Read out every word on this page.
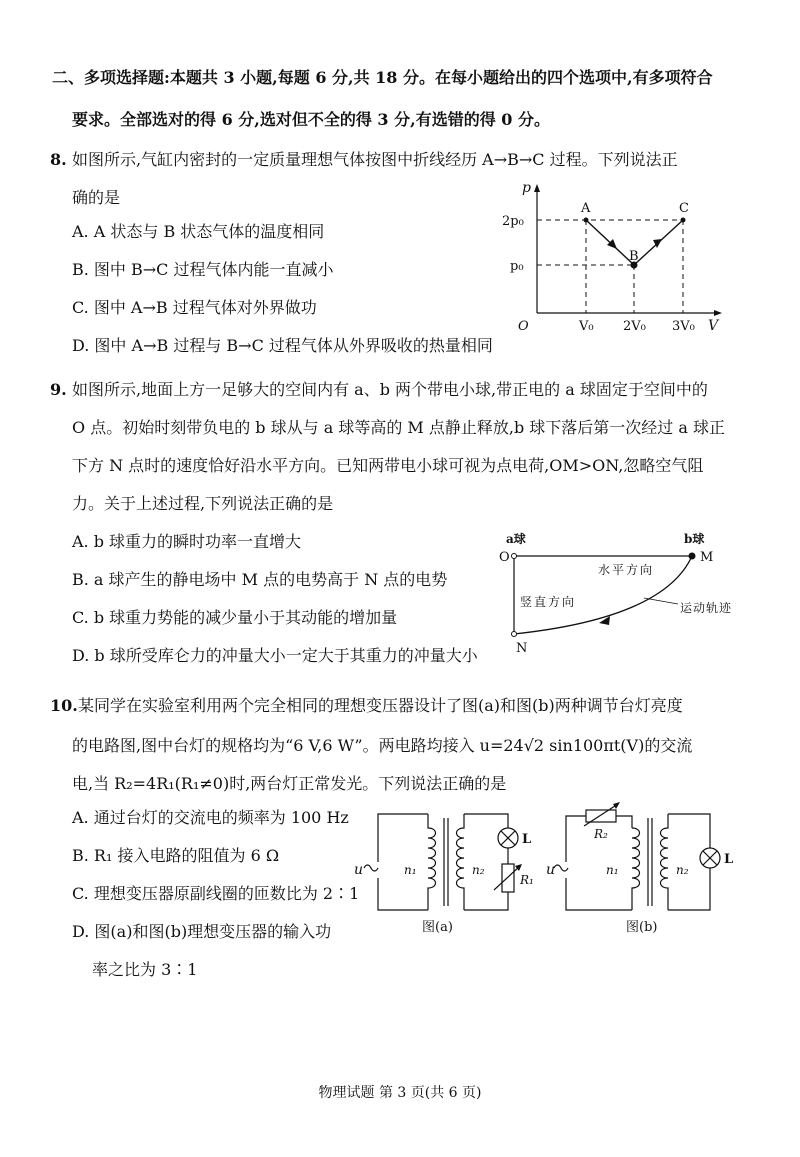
二、多项选择题:本题共 3 小题,每题 6 分,共 18 分。在每小题给出的四个选项中,有多项符合
要求。全部选对的得 6 分,选对但不全的得 3 分,有选错的得 0 分。
8. 如图所示,气缸内密封的一定质量理想气体按图中折线经历 A→B→C 过程。下列说法正
确的是
A. A 状态与 B 状态气体的温度相同
B. 图中 B→C 过程气体内能一直减小
C. 图中 A→B 过程气体对外界做功
D. 图中 A→B 过程与 B→C 过程气体从外界吸收的热量相同
p
V
O
2p₀
p₀
V₀ 2V₀ 3V₀
A
B
C
9. 如图所示,地面上方一足够大的空间内有 a、b 两个带电小球,带正电的 a 球固定于空间中的
O 点。初始时刻带负电的 b 球从与 a 球等高的 M 点静止释放,b 球下落后第一次经过 a 球正
下方 N 点时的速度恰好沿水平方向。已知两带电小球可视为点电荷,OM>ON,忽略空气阻
力。关于上述过程,下列说法正确的是
A. b 球重力的瞬时功率一直增大
B. a 球产生的静电场中 M 点的电势高于 N 点的电势
C. b 球重力势能的减少量小于其动能的增加量
D. b 球所受库仑力的冲量大小一定大于其重力的冲量大小
a球	b球
O	M
N
水平方向
竖直方向	运动轨迹
10. 某同学在实验室利用两个完全相同的理想变压器设计了图(a)和图(b)两种调节台灯亮度
的电路图,图中台灯的规格均为“6 V,6 W”。两电路均接入 u=24√2 sin100πt(V)的交流
电,当 R₂=4R₁(R₁≠0)时,两台灯正常发光。下列说法正确的是
A. 通过台灯的交流电的频率为 100 Hz
B. R₁ 接入电路的阻值为 6 Ω
C. 理想变压器原副线圈的匝数比为 2∶1
D. 图(a)和图(b)理想变压器的输入功
率之比为 3∶1
u	n₁	n₂
L
R₁
图(a)
u	n₁	n₂
L
R₂
图(b)
物理试题 第 3 页(共 6 页)
